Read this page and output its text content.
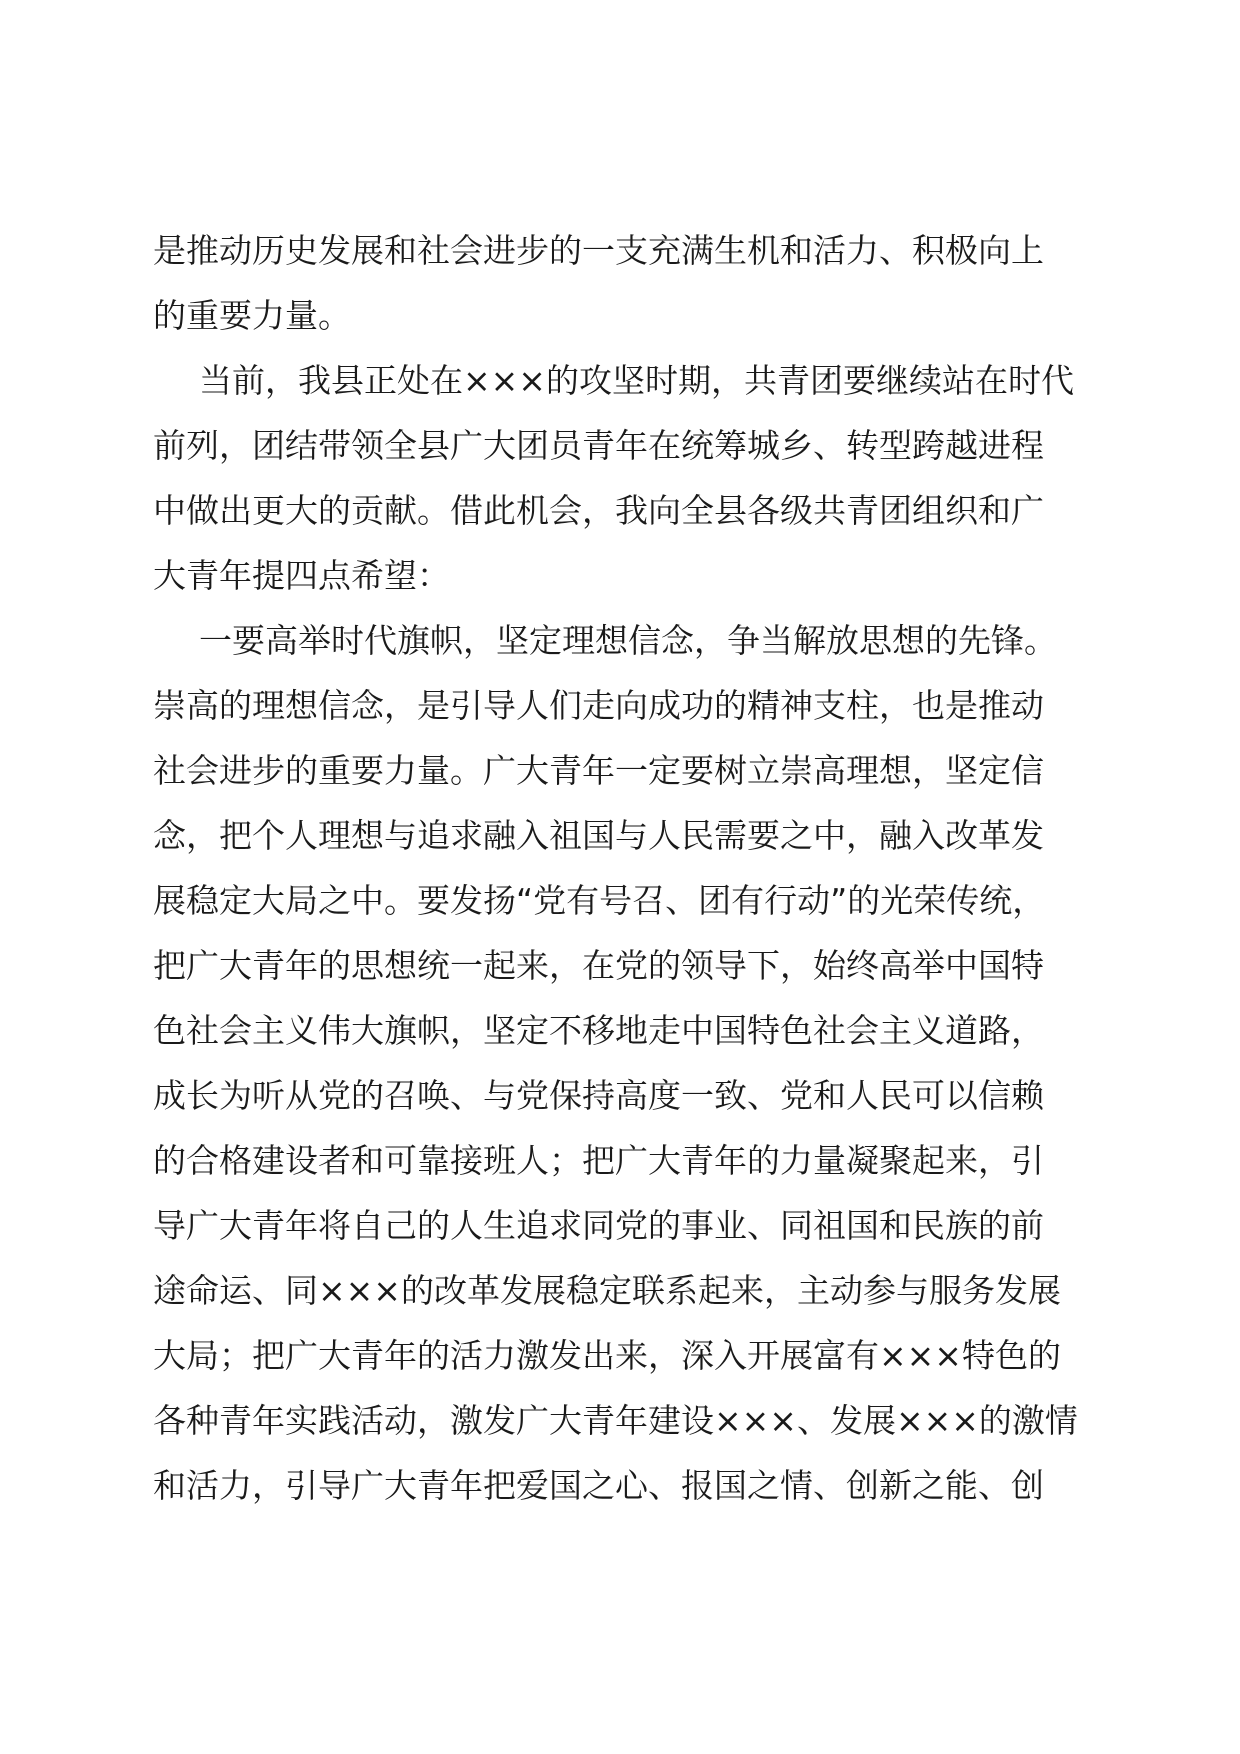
是推动历史发展和社会进步的一支充满生机和活力、积极向上
的重要力量。
当前，我县正处在×××的攻坚时期，共青团要继续站在时代
前列，团结带领全县广大团员青年在统筹城乡、转型跨越进程
中做出更大的贡献。借此机会，我向全县各级共青团组织和广
大青年提四点希望：
一要高举时代旗帜，坚定理想信念，争当解放思想的先锋。
崇高的理想信念，是引导人们走向成功的精神支柱，也是推动
社会进步的重要力量。广大青年一定要树立崇高理想，坚定信
念，把个人理想与追求融入祖国与人民需要之中，融入改革发
展稳定大局之中。要发扬“党有号召、团有行动”的光荣传统，
把广大青年的思想统一起来，在党的领导下，始终高举中国特
色社会主义伟大旗帜，坚定不移地走中国特色社会主义道路，
成长为听从党的召唤、与党保持高度一致、党和人民可以信赖
的合格建设者和可靠接班人；把广大青年的力量凝聚起来，引
导广大青年将自己的人生追求同党的事业、同祖国和民族的前
途命运、同×××的改革发展稳定联系起来，主动参与服务发展
大局；把广大青年的活力激发出来，深入开展富有×××特色的
各种青年实践活动，激发广大青年建设×××、发展×××的激情
和活力，引导广大青年把爱国之心、报国之情、创新之能、创
